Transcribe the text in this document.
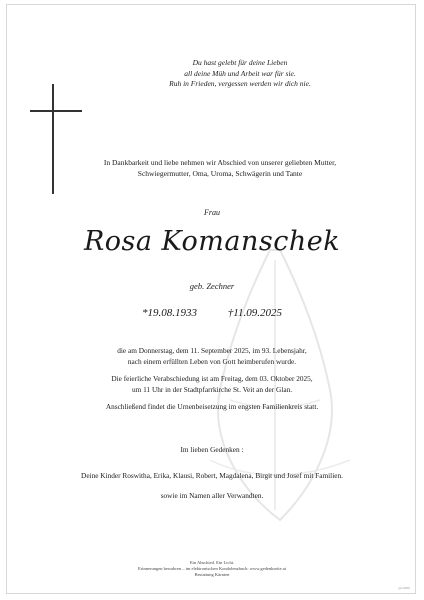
Du hast gelebt für deine Lieben
all deine Müh und Arbeit war für sie.
Ruh in Frieden, vergessen werden wir dich nie.
In Dankbarkeit und liebe nehmen wir Abschied von unserer geliebten Mutter,
Schwiegermutter, Oma, Uroma, Schwägerin und Tante
Frau
Rosa Komanschek
geb. Zechner
*19.08.1933	†11.09.2025
die am Donnerstag, dem 11. September 2025, im 93. Lebensjahr,
nach einem erfüllten Leben von Gott heimberufen wurde.
Die feierliche Verabschiedung ist am Freitag, dem 03. Oktober 2025,
um 11 Uhr in der Stadtpfarrkirche St. Veit an der Glan.
Anschließend findet die Urnenbeisetzung im engsten Familienkreis statt.
Im lieben Gedenken :
Deine Kinder Roswitha, Erika, Klausi, Robert, Magdalena, Birgit und Josef mit Familien.
sowie im Namen aller Verwandten.
Ein Abschied. Ein Licht.
Erinnerungen bewahren – im elektronischen Kondolenzbuch: www.gedenkseite.at
Bestattung Kärnten
gk-0000
